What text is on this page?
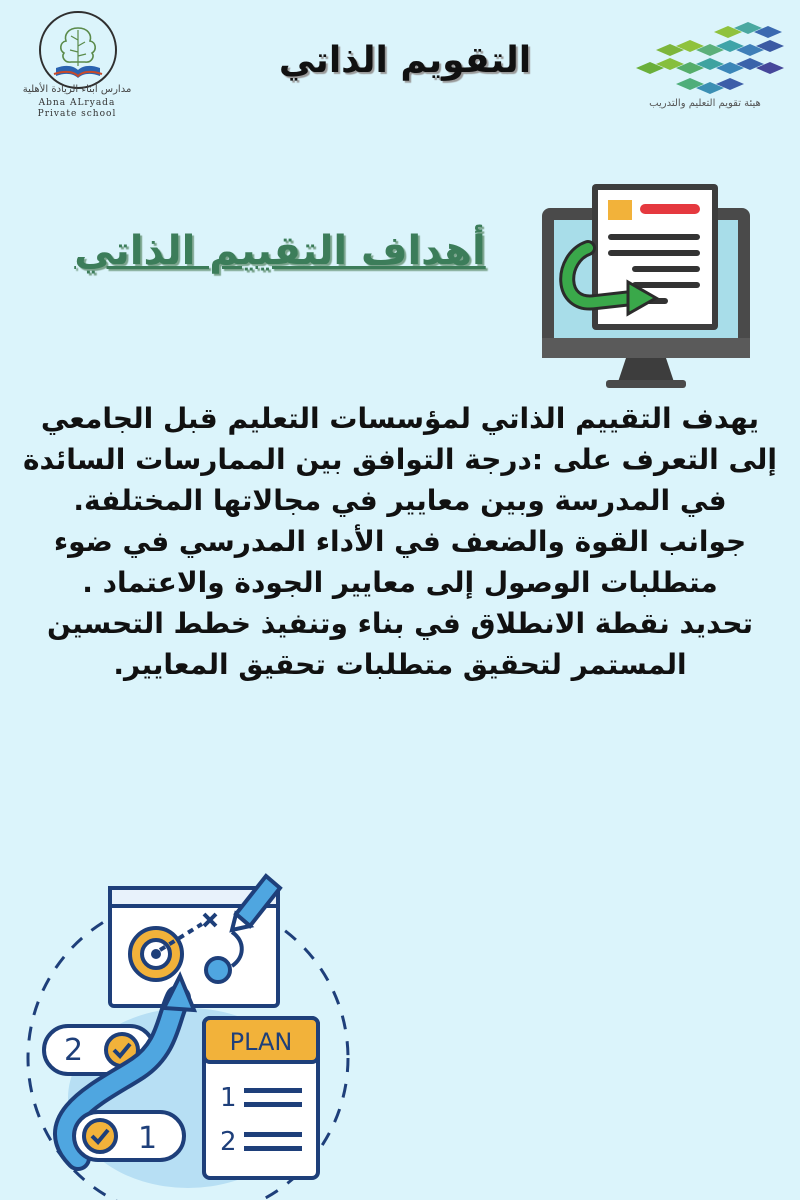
مدارس أبناء الريادة الأهلية
Abna ALryada
Private school
التقويم الذاتي
هيئة تقويم التعليم والتدريب
أهداف التقييم الذاتي

يهدف التقييم الذاتي لمؤسسات التعليم قبل الجامعي إلى التعرف على :درجة التوافق بين الممارسات السائدة في المدرسة وبين معايير في مجالاتها المختلفة.

جوانب القوة والضعف في الأداء المدرسي في ضوء متطلبات الوصول إلى معايير الجودة والاعتماد .

تحديد نقطة الانطلاق في بناء وتنفيذ خطط التحسين المستمر لتحقيق متطلبات تحقيق المعايير.

2
1
PLAN
1
2
